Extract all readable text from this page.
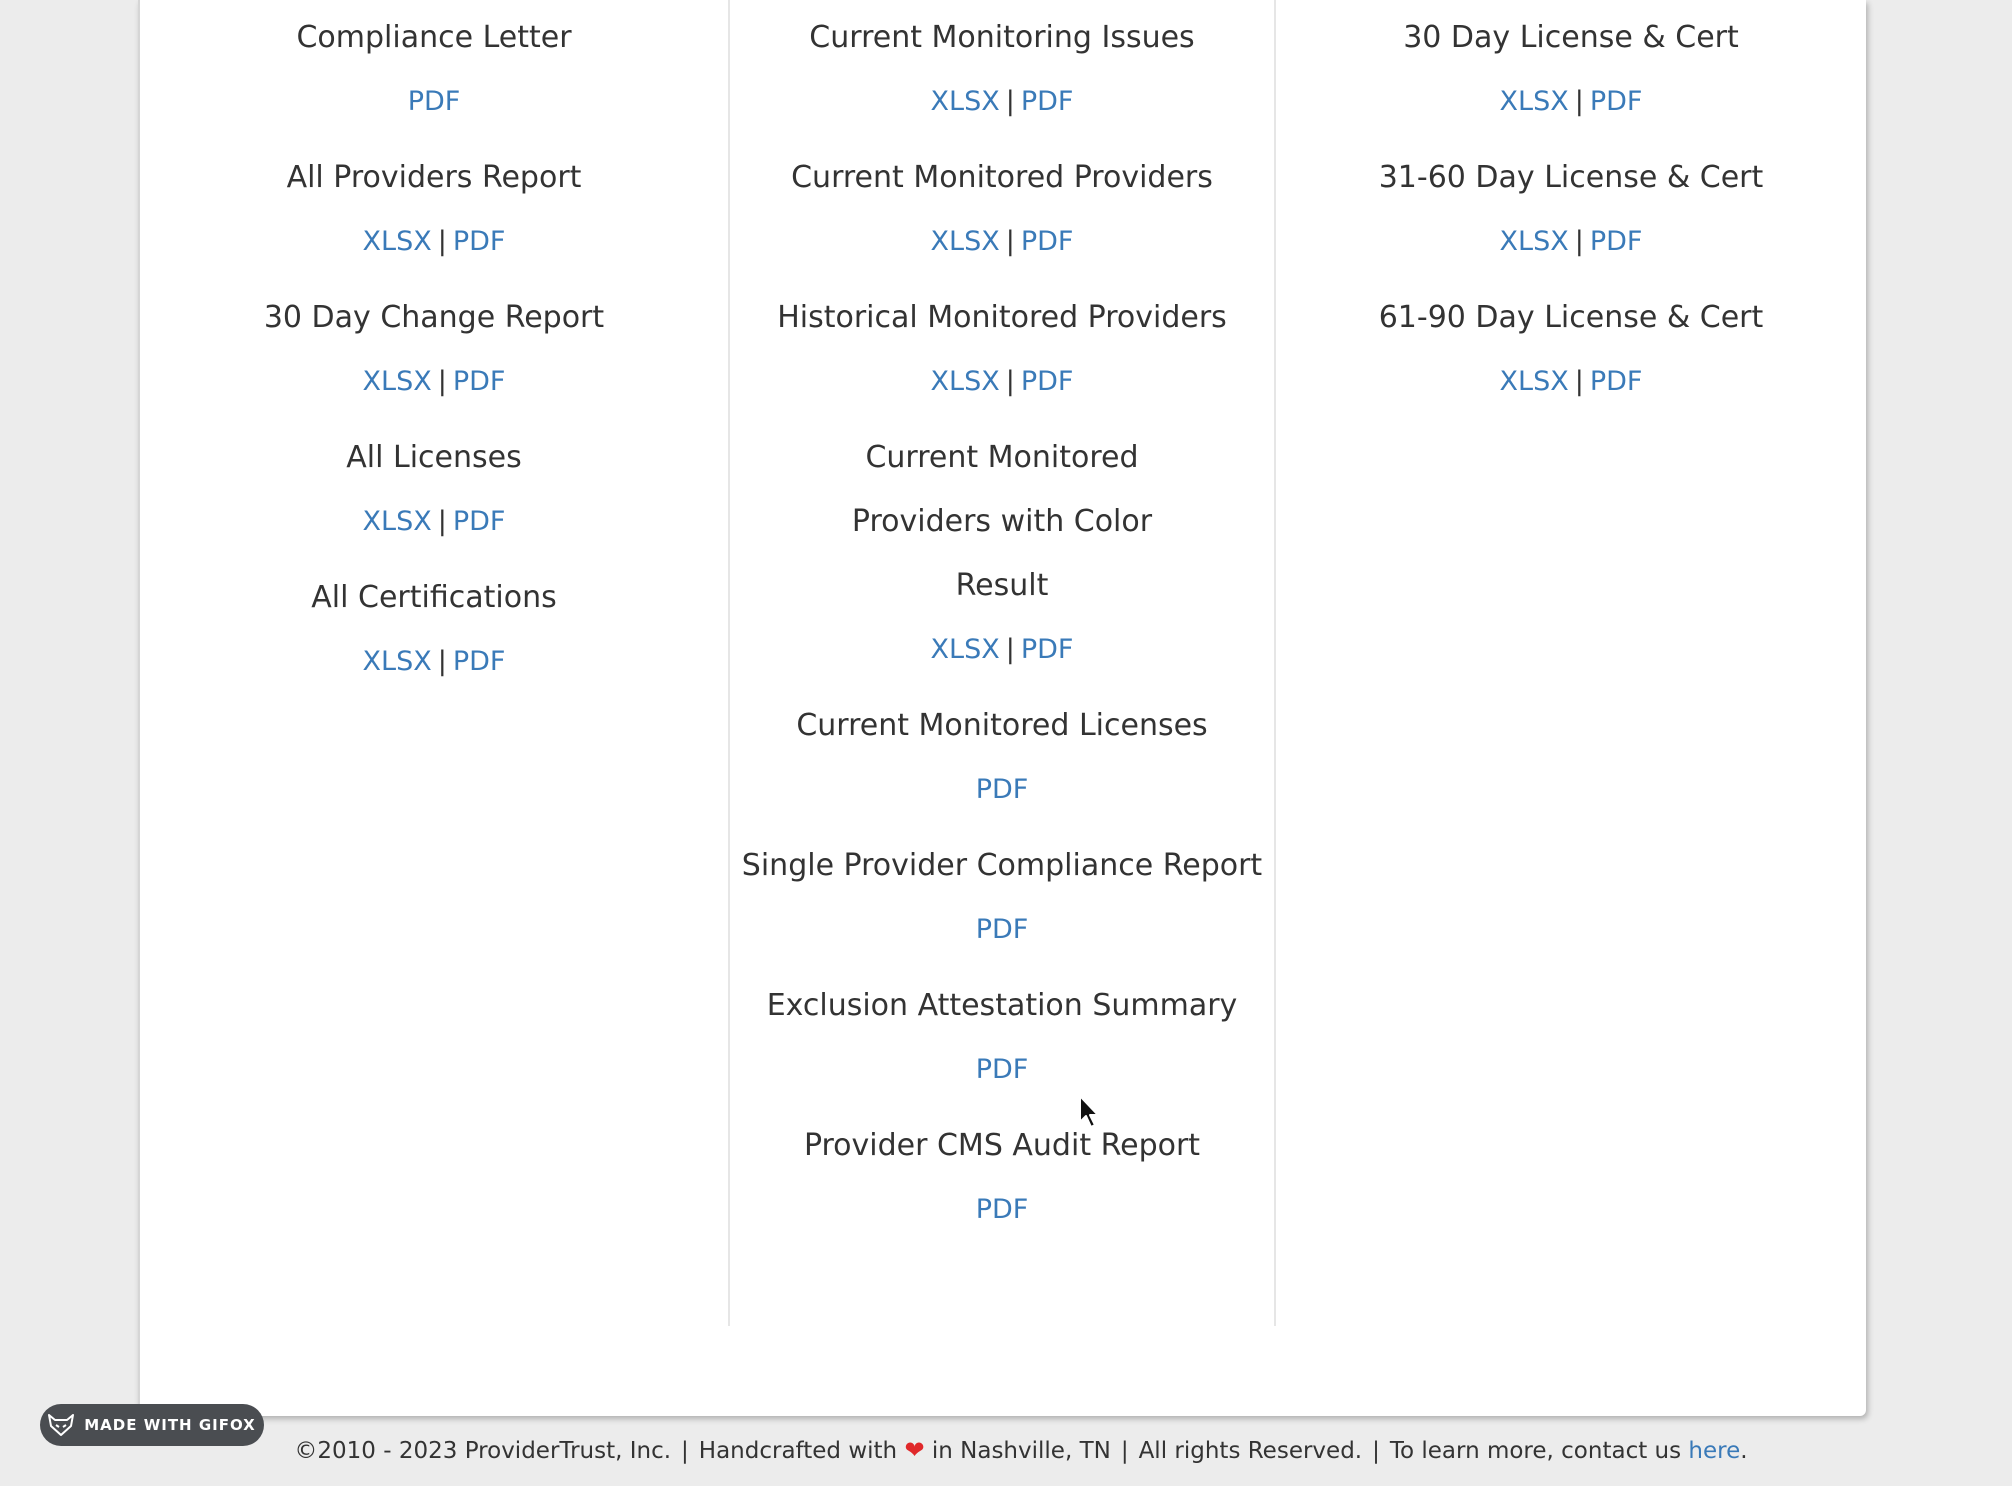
Compliance Letter
PDF
All Providers Report
XLSX | PDF
30 Day Change Report
XLSX | PDF
All Licenses
XLSX | PDF
All Certifications
XLSX | PDF
Current Monitoring Issues
XLSX | PDF
Current Monitored Providers
XLSX | PDF
Historical Monitored Providers
XLSX | PDF
Current Monitored Providers with Color Result
XLSX | PDF
Current Monitored Licenses
PDF
Single Provider Compliance Report
PDF
Exclusion Attestation Summary
PDF
Provider CMS Audit Report
PDF
30 Day License & Cert
XLSX | PDF
31-60 Day License & Cert
XLSX | PDF
61-90 Day License & Cert
XLSX | PDF
©2010 - 2023 ProviderTrust, Inc. | Handcrafted with ❤ in Nashville, TN | All rights Reserved. | To learn more, contact us here.
MADE WITH GIFOX
